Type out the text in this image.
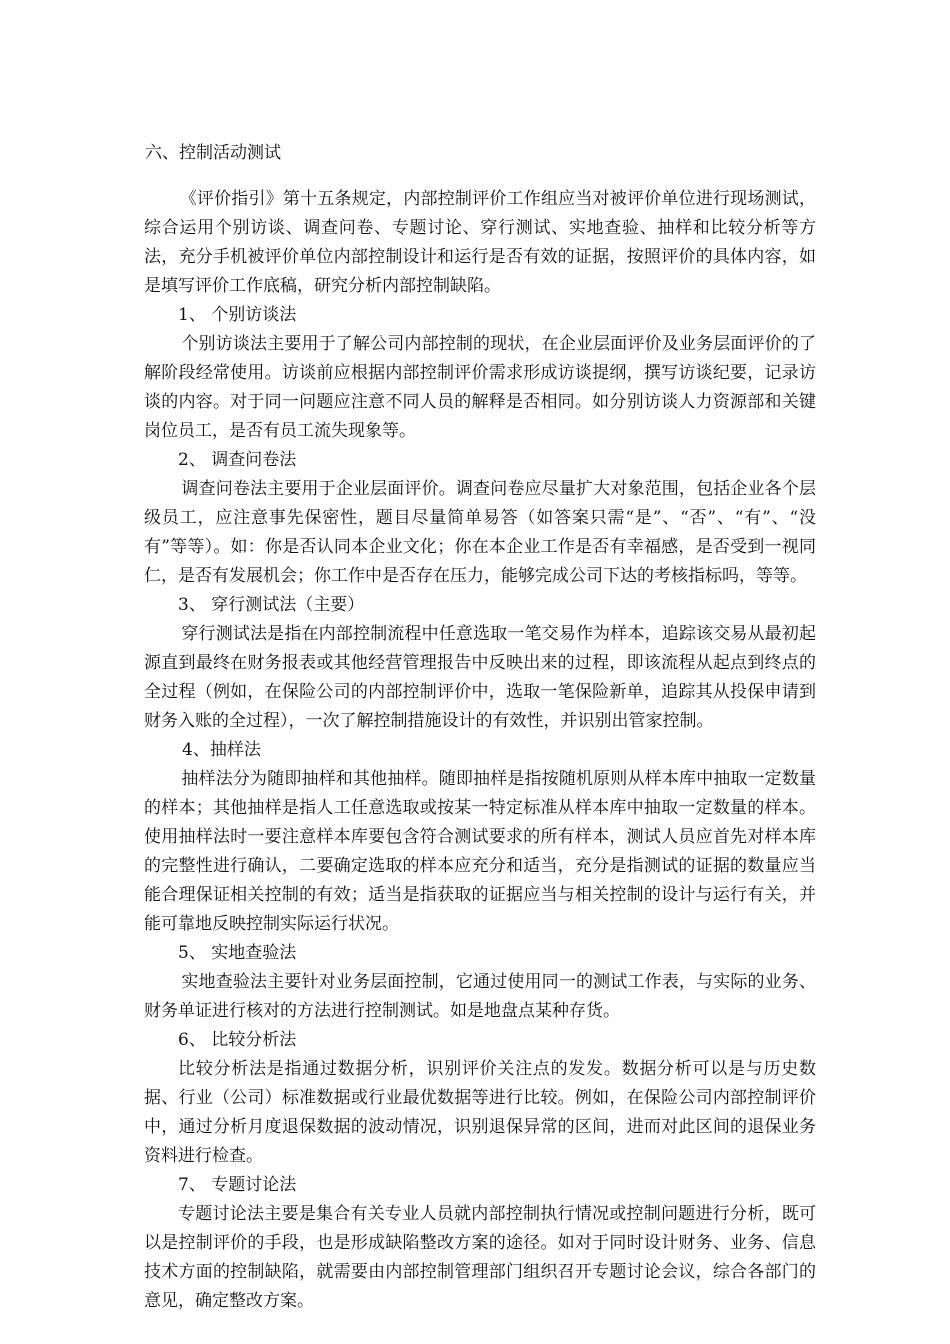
六、控制活动测试

《评价指引》第十五条规定，内部控制评价工作组应当对被评价单位进行现场测试，综合运用个别访谈、调查问卷、专题讨论、穿行测试、实地查验、抽样和比较分析等方法，充分手机被评价单位内部控制设计和运行是否有效的证据，按照评价的具体内容，如是填写评价工作底稿，研究分析内部控制缺陷。

1、 个别访谈法

个别访谈法主要用于了解公司内部控制的现状，在企业层面评价及业务层面评价的了解阶段经常使用。访谈前应根据内部控制评价需求形成访谈提纲，撰写访谈纪要，记录访谈的内容。对于同一问题应注意不同人员的解释是否相同。如分别访谈人力资源部和关键岗位员工，是否有员工流失现象等。

2、 调查问卷法

调查问卷法主要用于企业层面评价。调查问卷应尽量扩大对象范围，包括企业各个层级员工，应注意事先保密性，题目尽量简单易答（如答案只需“是”、“否”、“有”、“没有”等等）。如：你是否认同本企业文化；你在本企业工作是否有幸福感，是否受到一视同仁，是否有发展机会；你工作中是否存在压力，能够完成公司下达的考核指标吗，等等。

3、 穿行测试法（主要）

穿行测试法是指在内部控制流程中任意选取一笔交易作为样本，追踪该交易从最初起源直到最终在财务报表或其他经营管理报告中反映出来的过程，即该流程从起点到终点的全过程（例如，在保险公司的内部控制评价中，选取一笔保险新单，追踪其从投保申请到财务入账的全过程），一次了解控制措施设计的有效性，并识别出管家控制。

4、抽样法

抽样法分为随即抽样和其他抽样。随即抽样是指按随机原则从样本库中抽取一定数量的样本；其他抽样是指人工任意选取或按某一特定标准从样本库中抽取一定数量的样本。使用抽样法时一要注意样本库要包含符合测试要求的所有样本，测试人员应首先对样本库的完整性进行确认，二要确定选取的样本应充分和适当，充分是指测试的证据的数量应当能合理保证相关控制的有效；适当是指获取的证据应当与相关控制的设计与运行有关，并能可靠地反映控制实际运行状况。

5、 实地查验法

实地查验法主要针对业务层面控制，它通过使用同一的测试工作表，与实际的业务、财务单证进行核对的方法进行控制测试。如是地盘点某种存货。

6、 比较分析法

比较分析法是指通过数据分析，识别评价关注点的发发。数据分析可以是与历史数据、行业（公司）标准数据或行业最优数据等进行比较。例如，在保险公司内部控制评价中，通过分析月度退保数据的波动情况，识别退保异常的区间，进而对此区间的退保业务资料进行检查。

7、 专题讨论法

专题讨论法主要是集合有关专业人员就内部控制执行情况或控制问题进行分析，既可以是控制评价的手段，也是形成缺陷整改方案的途径。如对于同时设计财务、业务、信息技术方面的控制缺陷，就需要由内部控制管理部门组织召开专题讨论会议，综合各部门的意见，确定整改方案。
